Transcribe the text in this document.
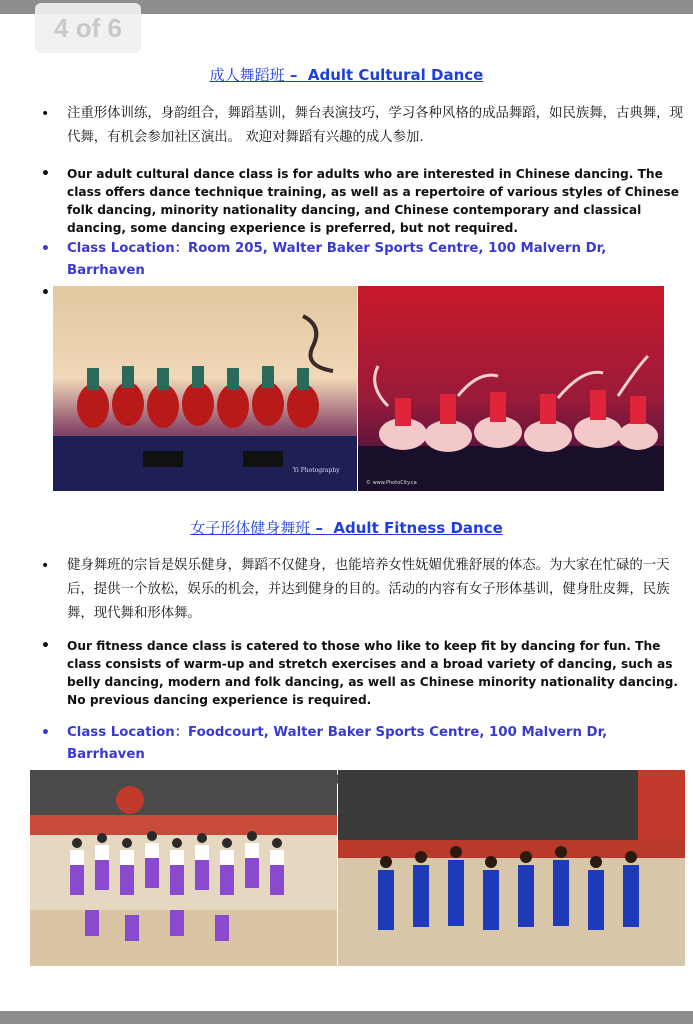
4 of 6
成人舞蹈班 –  Adult Cultural Dance
• 注重形体训练，身韵组合，舞蹈基训，舞台表演技巧，学习各种风格的成品舞蹈，如民族舞，古典舞，现代舞，有机会参加社区演出。 欢迎对舞蹈有兴趣的成人参加.
• Our adult cultural dance class is for adults who are interested in Chinese dancing. The class offers dance technique training, as well as a repertoire of various styles of Chinese folk dancing, minority nationality dancing, and Chinese contemporary and classical dancing, some dancing experience is preferred, but not required.
• Class Location：Room 205, Walter Baker Sports Centre, 100 Malvern Dr, Barrhaven
•
Yi Photography
© www.PhotoCity.ca
女子形体健身舞班 –  Adult Fitness Dance
• 健身舞班的宗旨是娱乐健身，舞蹈不仅健身，也能培养女性妩媚优雅舒展的体态。为大家在忙碌的一天后，提供一个放松，娱乐的机会，并达到健身的目的。活动的内容有女子形体基训，健身肚皮舞，民族舞，现代舞和形体舞。
• Our fitness dance class is catered to those who like to keep fit by dancing for fun. The class consists of warm-up and stretch exercises and a broad variety of dancing, such as belly dancing, modern and folk dancing, as well as Chinese minority nationality dancing. No previous dancing experience is required.
• Class Location：Foodcourt, Walter Baker Sports Centre, 100 Malvern Dr, Barrhaven
